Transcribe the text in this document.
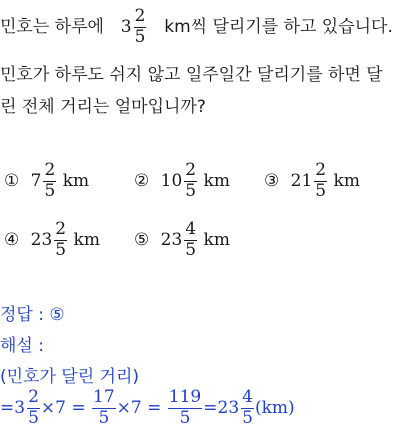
민호는 하루에 $3 \frac{2}{5}$ km씩 달리기를 하고 있습니다.
민호가 하루도 쉬지 않고 일주일간 달리기를 하면 달
린 전체 거리는 얼마입니까?
① $7 \frac{2}{5}$ km	② $10 \frac{2}{5}$ km ③ $21 \frac{2}{5}$ km
④ $23 \frac{2}{5}$ km ⑤ $23 \frac{4}{5}$ km
정답 : ⑤
해설 :
(민호가 달린 거리)
$=3 \frac{2}{5} \times 7 = \frac{17}{5} \times 7 = \frac{119}{5} =23 \frac{4}{5} (km)$
